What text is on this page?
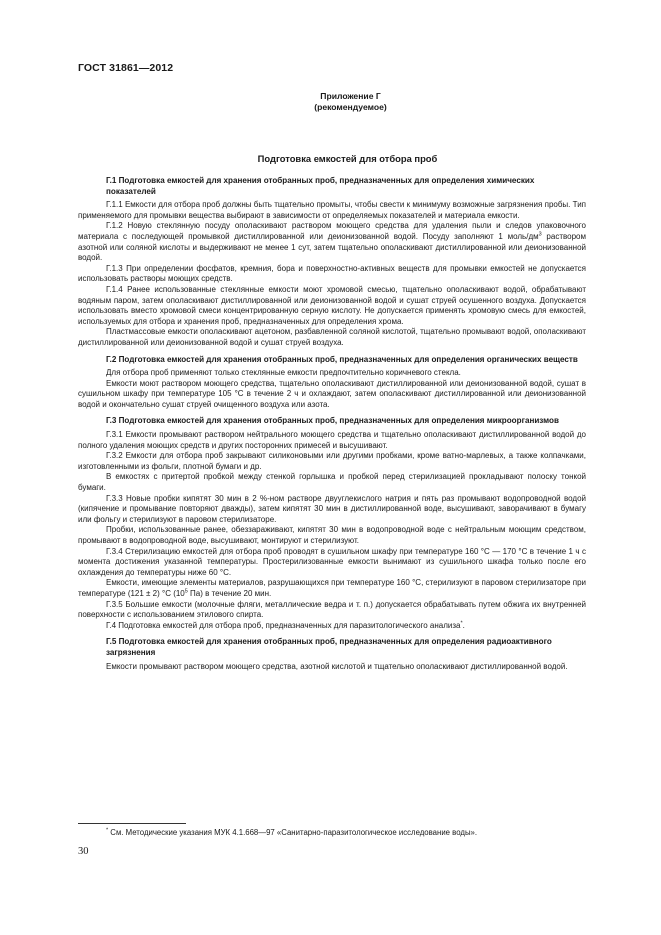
ГОСТ 31861—2012
Приложение Г
(рекомендуемое)
Подготовка емкостей для отбора проб
Г.1 Подготовка емкостей для хранения отобранных проб, предназначенных для определения химических показателей

Г.1.1 Емкости для отбора проб должны быть тщательно промыты, чтобы свести к минимуму возможные загрязнения пробы. Тип применяемого для промывки вещества выбирают в зависимости от определяемых показателей и материала емкости.

Г.1.2 Новую стеклянную посуду ополаскивают раствором моющего средства для удаления пыли и следов упаковочного материала с последующей промывкой дистиллированной или деионизованной водой. Посуду заполняют 1 моль/$дм^3$ раствором азотной или соляной кислоты и выдерживают не менее 1 сут, затем тщательно ополаскивают дистиллированной или деионизованной водой.

Г.1.3 При определении фосфатов, кремния, бора и поверхностно-активных веществ для промывки емкостей не допускается использовать растворы моющих средств.

Г.1.4 Ранее использованные стеклянные емкости моют хромовой смесью, тщательно ополаскивают водой, обрабатывают водяным паром, затем ополаскивают дистиллированной или деионизованной водой и сушат струей осушенного воздуха. Допускается использовать вместо хромовой смеси концентрированную серную кислоту. Не допускается применять хромовую смесь для емкостей, используемых для отбора и хранения проб, предназначенных для определения хрома.

Пластмассовые емкости ополаскивают ацетоном, разбавленной соляной кислотой, тщательно промывают водой, ополаскивают дистиллированной или деионизованной водой и сушат струей воздуха.

Г.2 Подготовка емкостей для хранения отобранных проб, предназначенных для определения органических веществ

Для отбора проб применяют только стеклянные емкости предпочтительно коричневого стекла.

Емкости моют раствором моющего средства, тщательно ополаскивают дистиллированной или деионизованной водой, сушат в сушильном шкафу при температуре 105 °С в течение 2 ч и охлаждают, затем ополаскивают дистиллированной или деионизованной водой и окончательно сушат струей очищенного воздуха или азота.

Г.3 Подготовка емкостей для хранения отобранных проб, предназначенных для определения микроорганизмов

Г.3.1 Емкости промывают раствором нейтрального моющего средства и тщательно ополаскивают дистиллированной водой до полного удаления моющих средств и других посторонних примесей и высушивают.

Г.3.2 Емкости для отбора проб закрывают силиконовыми или другими пробками, кроме ватно-марлевых, а также колпачками, изготовленными из фольги, плотной бумаги и др.

В емкостях с притертой пробкой между стенкой горлышка и пробкой перед стерилизацией прокладывают полоску тонкой бумаги.

Г.3.3 Новые пробки кипятят 30 мин в 2 %-ном растворе двууглекислого натрия и пять раз промывают водопроводной водой (кипячение и промывание повторяют дважды), затем кипятят 30 мин в дистиллированной воде, высушивают, заворачивают в бумагу или фольгу и стерилизуют в паровом стерилизаторе.

Пробки, использованные ранее, обеззараживают, кипятят 30 мин в водопроводной воде с нейтральным моющим средством, промывают в водопроводной воде, высушивают, монтируют и стерилизуют.

Г.3.4 Стерилизацию емкостей для отбора проб проводят в сушильном шкафу при температуре 160 °С — 170 °С в течение 1 ч с момента достижения указанной температуры. Простерилизованные емкости вынимают из сушильного шкафа только после его охлаждения до температуры ниже 60 °С.

Емкости, имеющие элементы материалов, разрушающихся при температуре 160 °С, стерилизуют в паровом стерилизаторе при температуре (121 ± 2) °С ($10^5$ Па) в течение 20 мин.

Г.3.5 Большие емкости (молочные фляги, металлические ведра и т. п.) допускается обрабатывать путем обжига их внутренней поверхности с использованием этилового спирта.

Г.4 Подготовка емкостей для отбора проб, предназначенных для паразитологического анализа*.

Г.5 Подготовка емкостей для хранения отобранных проб, предназначенных для определения радиоактивного загрязнения

Емкости промывают раствором моющего средства, азотной кислотой и тщательно ополаскивают дистиллированной водой.

* См. Методические указания МУК 4.1.668—97 «Санитарно-паразитологическое исследование воды».
30
